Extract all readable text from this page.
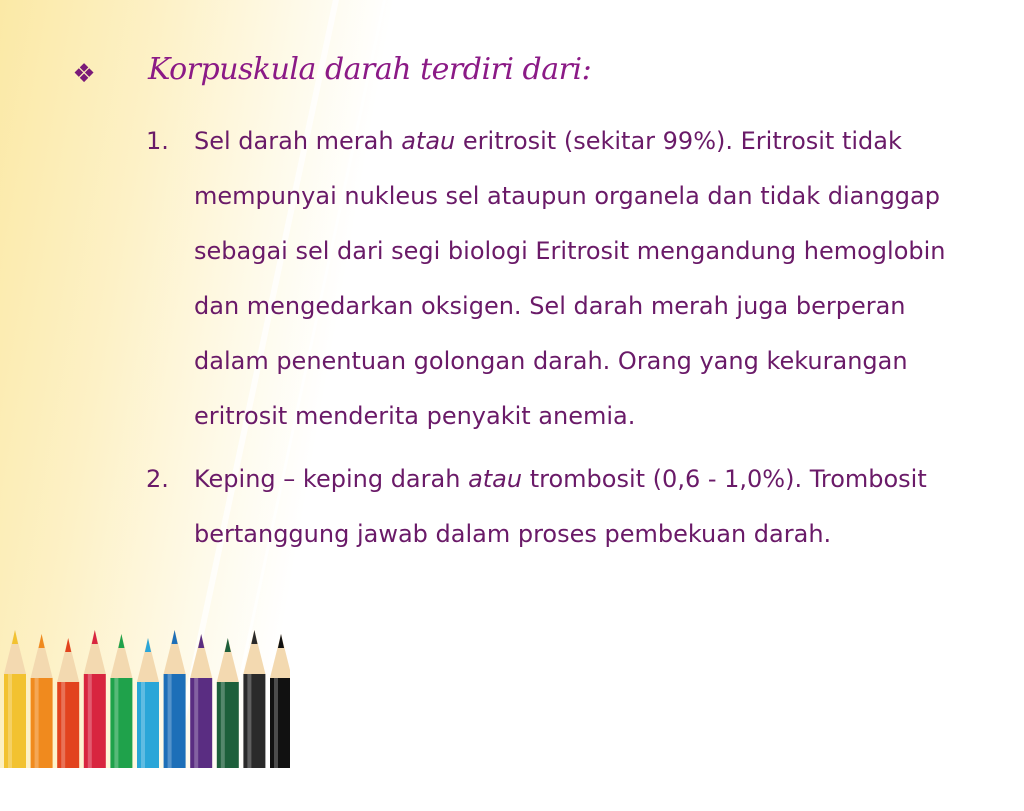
❖ Korpuskula darah terdiri dari:
1.	Sel darah merah atau eritrosit (sekitar 99%). Eritrosit tidak mempunyai nukleus sel ataupun organela dan tidak dianggap sebagai sel dari segi biologi Eritrosit mengandung hemoglobin dan mengedarkan oksigen. Sel darah merah juga berperan dalam penentuan golongan darah. Orang yang kekurangan eritrosit menderita penyakit anemia.
2.	Keping – keping darah atau trombosit (0,6 - 1,0%). Trombosit bertanggung jawab dalam proses pembekuan darah.
